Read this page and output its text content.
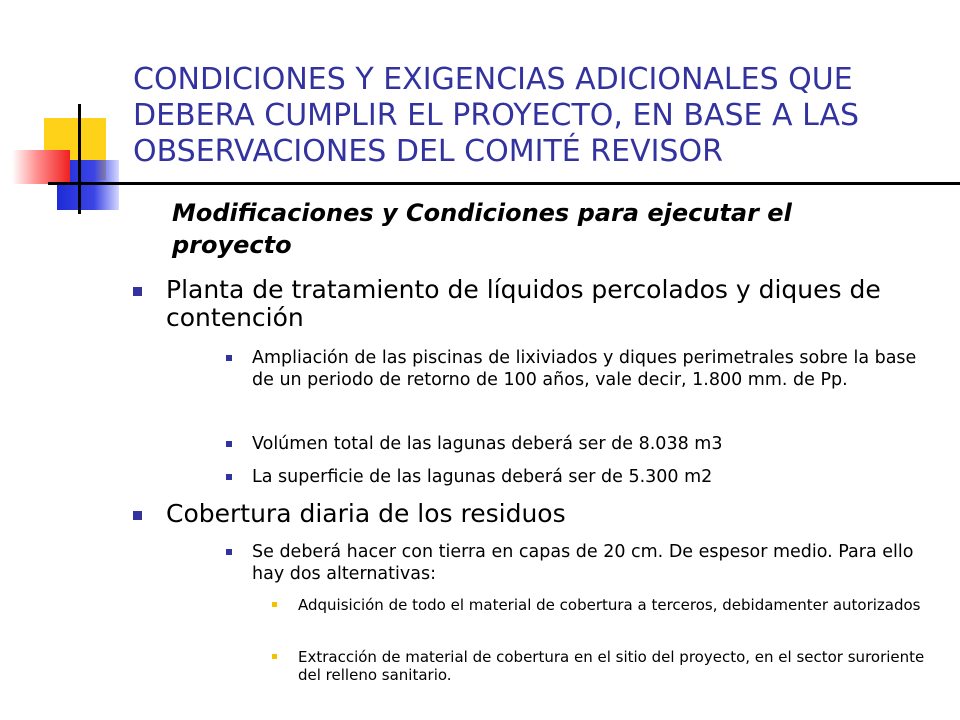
CONDICIONES Y EXIGENCIAS ADICIONALES QUE DEBERA CUMPLIR EL PROYECTO, EN BASE A LAS OBSERVACIONES DEL COMITÉ REVISOR

Modificaciones y Condiciones para ejecutar el proyecto

Planta de tratamiento de líquidos percolados y diques de contención
Ampliación de las piscinas de lixiviados y diques perimetrales sobre la base de un periodo de retorno de 100 años, vale decir, 1.800 mm. de Pp.
Volúmen total de las lagunas deberá ser de 8.038 m3
La superficie de las lagunas deberá ser de 5.300 m2
Cobertura diaria de los residuos
Se deberá hacer con tierra en capas de 20 cm. De espesor medio. Para ello hay dos alternativas:
Adquisición de todo el material de cobertura a terceros, debidamenter autorizados
Extracción de material de cobertura en el sitio del proyecto, en el sector suroriente del relleno sanitario.
